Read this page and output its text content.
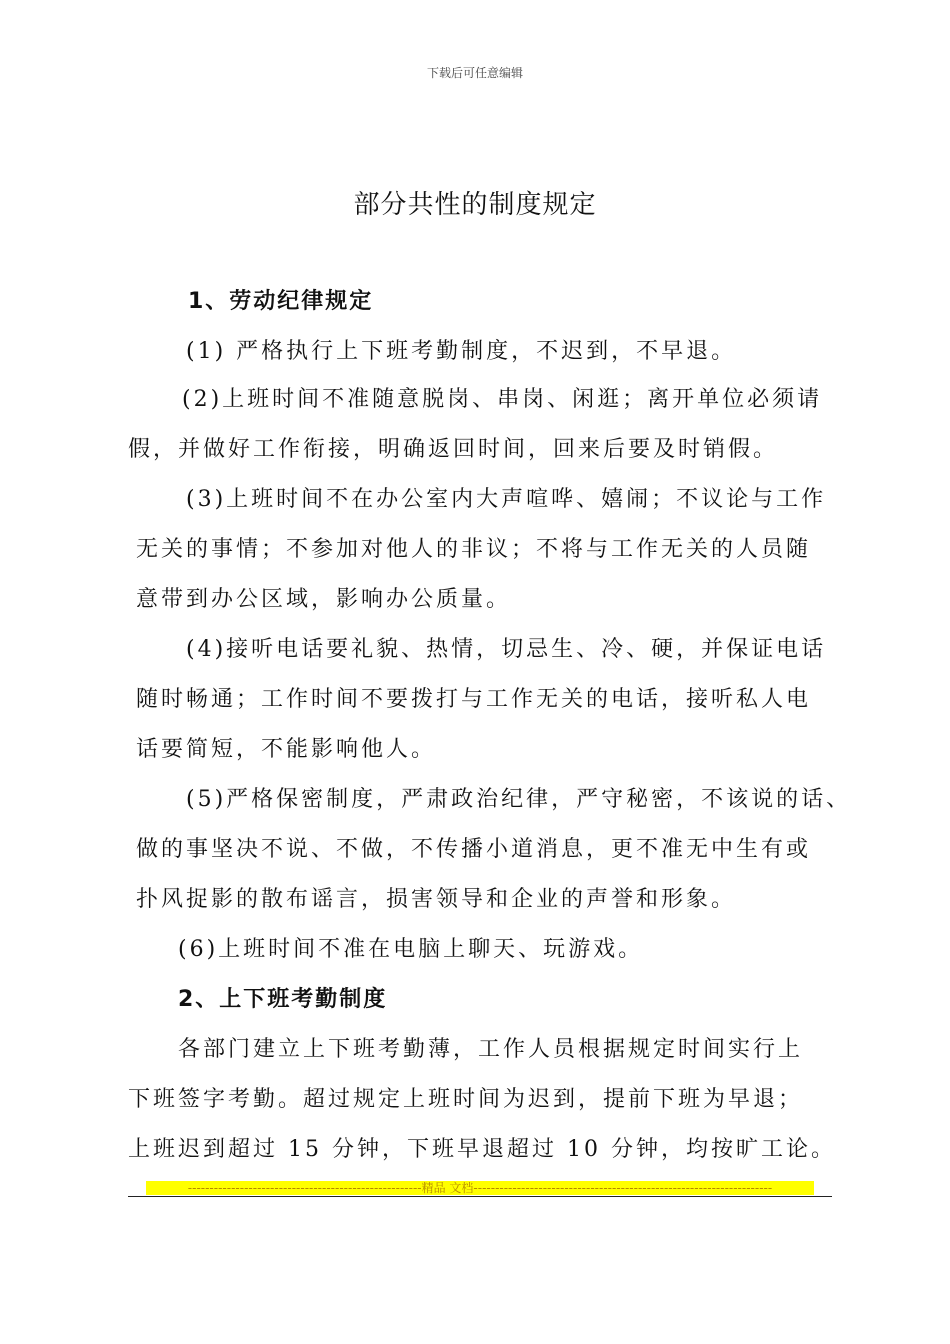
下载后可任意编辑
部分共性的制度规定
1、劳动纪律规定
(1) 严格执行上下班考勤制度，不迟到，不早退。
(2)上班时间不准随意脱岗、串岗、闲逛；离开单位必须请
假，并做好工作衔接，明确返回时间，回来后要及时销假。
(3)上班时间不在办公室内大声喧哗、嬉闹；不议论与工作
无关的事情；不参加对他人的非议；不将与工作无关的人员随
意带到办公区域，影响办公质量。
(4)接听电话要礼貌、热情，切忌生、冷、硬，并保证电话
随时畅通；工作时间不要拨打与工作无关的电话，接听私人电
话要简短，不能影响他人。
(5)严格保密制度，严肃政治纪律，严守秘密，不该说的话、
做的事坚决不说、不做，不传播小道消息，更不准无中生有或
扑风捉影的散布谣言，损害领导和企业的声誉和形象。
(6)上班时间不准在电脑上聊天、玩游戏。
2、上下班考勤制度
各部门建立上下班考勤薄，工作人员根据规定时间实行上
下班签字考勤。超过规定上班时间为迟到，提前下班为早退；
上班迟到超过 15 分钟，下班早退超过 10 分钟，均按旷工论。
------------------------------------------------------精品 文档---------------------------------------------------------------------
